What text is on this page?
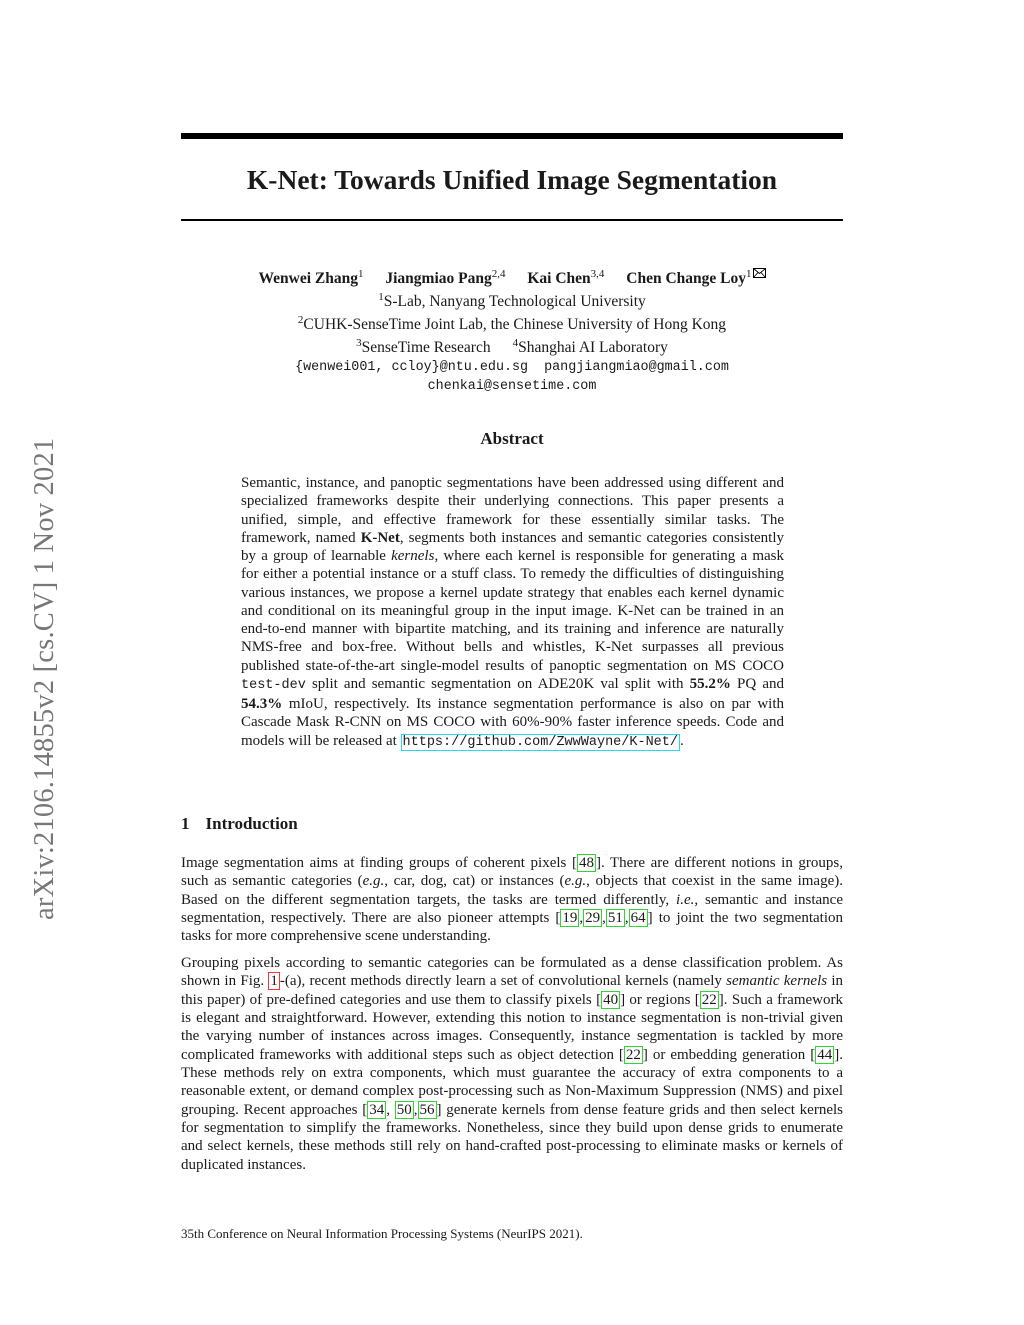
arXiv:2106.14855v2 [cs.CV] 1 Nov 2021
K-Net: Towards Unified Image Segmentation
Wenwei Zhang$^1$ Jiangmiao Pang$^{2,4}$ Kai Chen$^{3,4}$ Chen Change Loy$^1$
$^1$S-Lab, Nanyang Technological University
$^2$CUHK-SenseTime Joint Lab, the Chinese University of Hong Kong
$^3$SenseTime Research $^4$Shanghai AI Laboratory
{wenwei001, ccloy}@ntu.edu.sg pangjiangmiao@gmail.com
chenkai@sensetime.com
Abstract

Semantic, instance, and panoptic segmentations have been addressed using different and specialized frameworks despite their underlying connections. This paper presents a unified, simple, and effective framework for these essentially similar tasks. The framework, named K-Net, segments both instances and semantic categories consistently by a group of learnable kernels, where each kernel is responsible for generating a mask for either a potential instance or a stuff class. To remedy the difficulties of distinguishing various instances, we propose a kernel update strategy that enables each kernel dynamic and conditional on its meaningful group in the input image. K-Net can be trained in an end-to-end manner with bipartite matching, and its training and inference are naturally NMS-free and box-free. Without bells and whistles, K-Net surpasses all previous published state-of-the-art single-model results of panoptic segmentation on MS COCO test-dev split and semantic segmentation on ADE20K val split with 55.2% PQ and 54.3% mIoU, respectively. Its instance segmentation performance is also on par with Cascade Mask R-CNN on MS COCO with 60%-90% faster inference speeds. Code and models will be released at https://github.com/ZwwWayne/K-Net/ .

1 Introduction

Image segmentation aims at finding groups of coherent pixels [ 48 ]. There are different notions in groups, such as semantic categories (e.g., car, dog, cat) or instances (e.g., objects that coexist in the same image). Based on the different segmentation targets, the tasks are termed differently, i.e., semantic and instance segmentation, respectively. There are also pioneer attempts [ 19 , 29 , 51 , 64 ] to joint the two segmentation tasks for more comprehensive scene understanding.

Grouping pixels according to semantic categories can be formulated as a dense classification problem. As shown in Fig. 1 -(a), recent methods directly learn a set of convolutional kernels (namely semantic kernels in this paper) of pre-defined categories and use them to classify pixels [ 40 ] or regions [ 22 ]. Such a framework is elegant and straightforward. However, extending this notion to instance segmentation is non-trivial given the varying number of instances across images. Consequently, instance segmentation is tackled by more complicated frameworks with additional steps such as object detection [ 22 ] or embedding generation [ 44 ]. These methods rely on extra components, which must guarantee the accuracy of extra components to a reasonable extent, or demand complex post-processing such as Non-Maximum Suppression (NMS) and pixel grouping. Recent approaches [ 34 , 50 , 56 ] generate kernels from dense feature grids and then select kernels for segmentation to simplify the frameworks. Nonetheless, since they build upon dense grids to enumerate and select kernels, these methods still rely on hand-crafted post-processing to eliminate masks or kernels of duplicated instances.

35th Conference on Neural Information Processing Systems (NeurIPS 2021).
